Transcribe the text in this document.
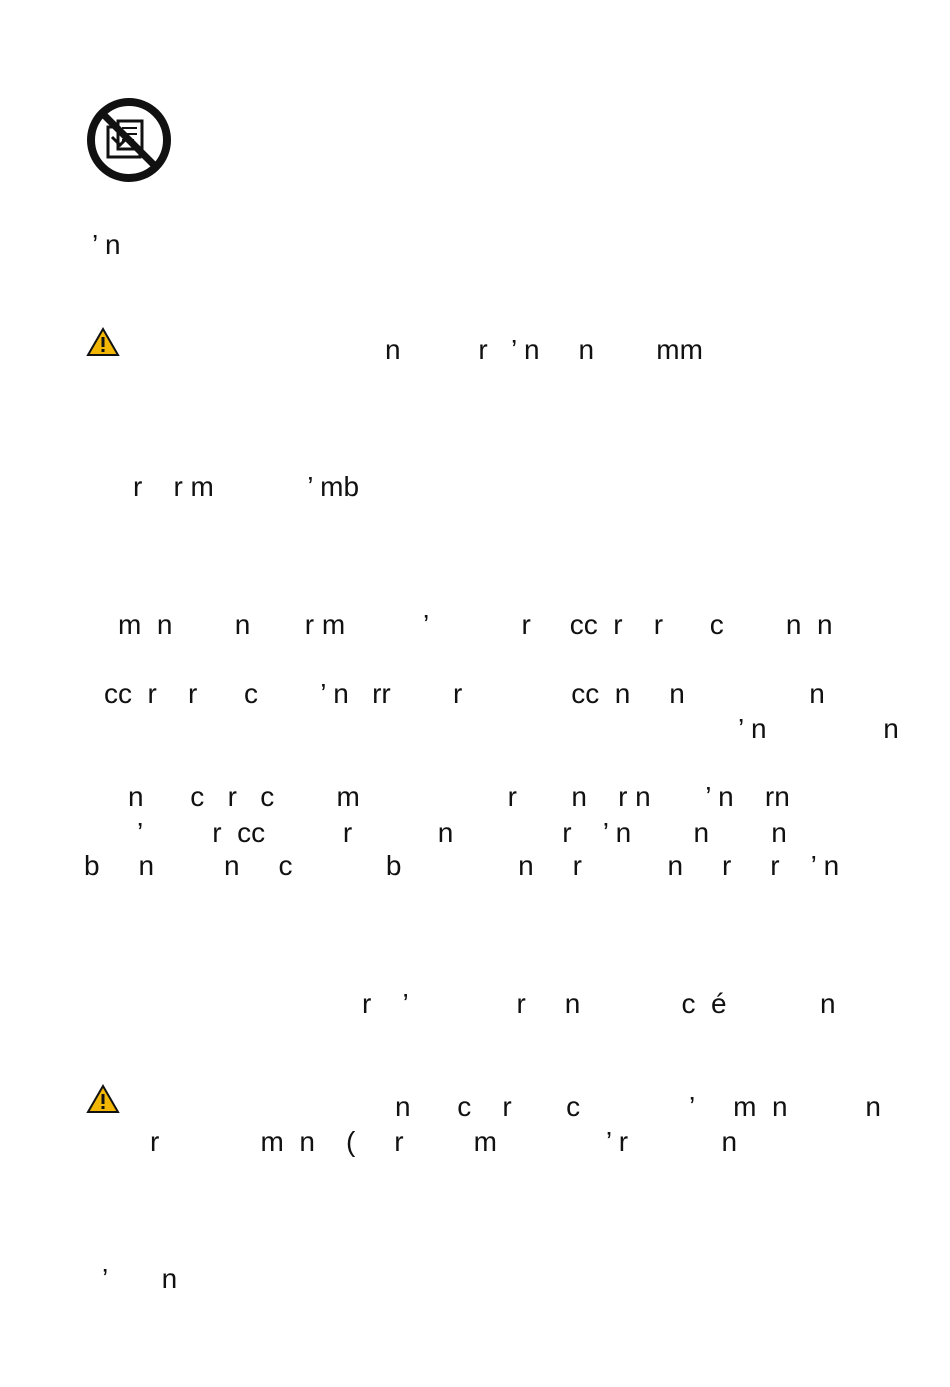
’ n
n          r   ’ n     n        mm
r    r m            ’ mb
m  n        n       r m          ’            r     cc  r    r      c        n  n
cc  r    r      c        ’ n   rr        r              cc  n     n                n
’ n               n
n      c   r   c        m                   r       n    r n       ’ n    rn
’         r  cc          r           n              r    ’ n        n        n
b     n         n     c            b               n     r           n     r     r    ’ n
r    ’              r     n             c  é            n
n      c    r       c              ’     m  n          n
r             m  n    (     r         m              ’ r            n
’       n
